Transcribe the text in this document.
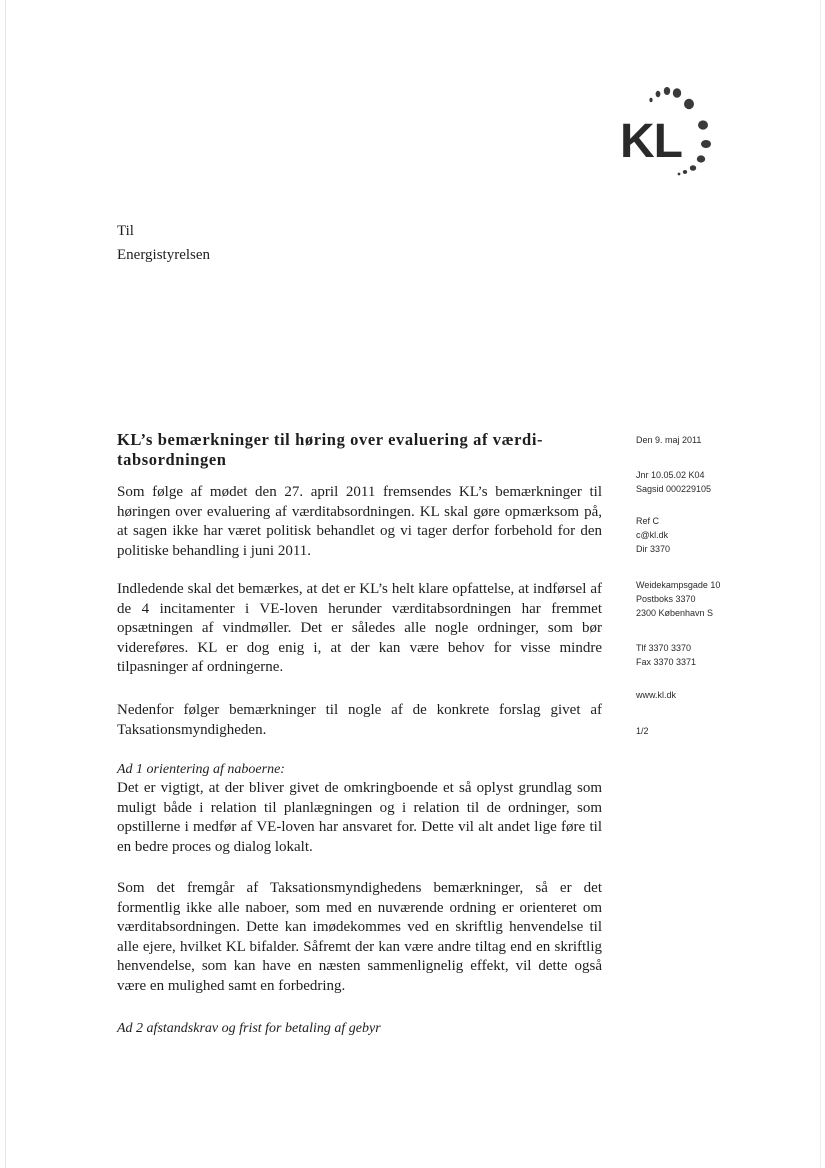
KL
Til
Energistyrelsen
KL’s bemærkninger til høring over evaluering af værdi-
tabsordningen

Som følge af mødet den 27. april 2011 fremsendes KL’s bemærkninger til høringen over evaluering af værditabsordningen. KL skal gøre opmærksom på, at sagen ikke har været politisk behandlet og vi tager derfor forbehold for den politiske behandling i juni 2011.

Indledende skal det bemærkes, at det er KL’s helt klare opfattelse, at indførsel af de 4 incitamenter i VE-loven herunder værditabsordningen har fremmet opsætningen af vindmøller. Det er således alle nogle ordninger, som bør videreføres. KL er dog enig i, at der kan være behov for visse mindre tilpasninger af ordningerne.

Nedenfor følger bemærkninger til nogle af de konkrete forslag givet af Taksationsmyndigheden.

Ad 1 orientering af naboerne:

Det er vigtigt, at der bliver givet de omkringboende et så oplyst grundlag som muligt både i relation til planlægningen og i relation til de ordninger, som opstillerne i medfør af VE-loven har ansvaret for. Dette vil alt andet lige føre til en bedre proces og dialog lokalt.

Som det fremgår af Taksationsmyndighedens bemærkninger, så er det formentlig ikke alle naboer, som med en nuværende ordning er orienteret om værditabsordningen. Dette kan imødekommes ved en skriftlig henvendelse til alle ejere, hvilket KL bifalder. Såfremt der kan være andre tiltag end en skriftlig henvendelse, som kan have en næsten sammenlignelig effekt, vil dette også være en mulighed samt en forbedring.

Ad 2 afstandskrav og frist for betaling af gebyr

Den 9. maj 2011
Jnr 10.05.02 K04
Sagsid 000229105
Ref C
c@kl.dk
Dir 3370
Weidekampsgade 10
Postboks 3370
2300 København S
Tlf 3370 3370
Fax 3370 3371
www.kl.dk
1/2
